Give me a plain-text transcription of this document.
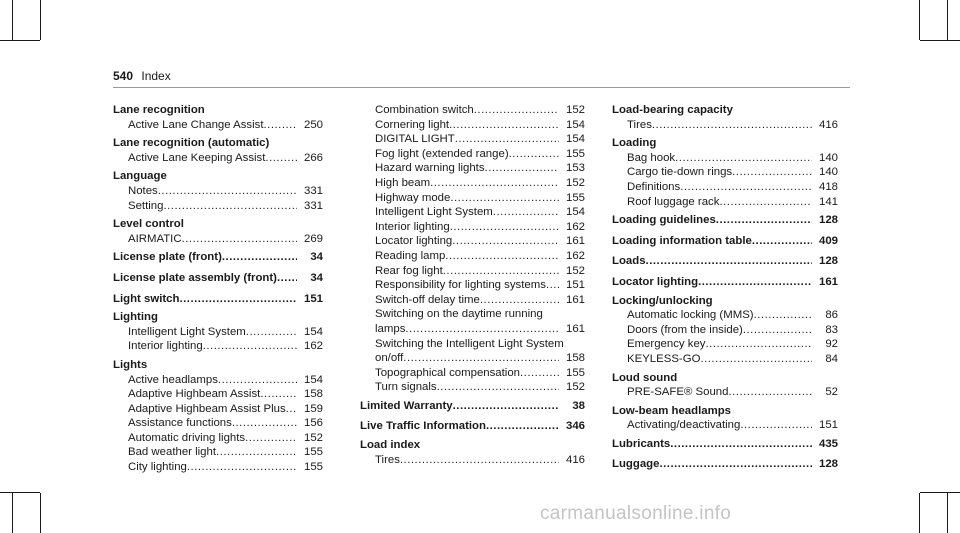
540 Index
Lane recognition
Active Lane Change Assist .....	250
Lane recognition (automatic)
Active Lane Keeping Assist .....	266
Language
Notes .....	331
Setting .....	331
Level control
AIRMATIC .....	269
License plate (front) .....	34
License plate assembly (front) .....	34
Light switch .....	151
Lighting
Intelligent Light System .....	154
Interior lighting .....	162
Lights
Active headlamps .....	154
Adaptive Highbeam Assist .....	158
Adaptive Highbeam Assist Plus .....	159
Assistance functions .....	156
Automatic driving lights .....	152
Bad weather light .....	155
City lighting .....	155
Combination switch .....	152
Cornering light .....	154
DIGITAL LIGHT .....	154
Fog light (extended range) .....	155
Hazard warning lights .....	153
High beam .....	152
Highway mode .....	155
Intelligent Light System .....	154
Interior lighting .....	162
Locator lighting .....	161
Reading lamp .....	162
Rear fog light .....	152
Responsibility for lighting systems .....	151
Switch-off delay time .....	161
Switching on the daytime running
lamps .....	161
Switching the Intelligent Light System
on/off .....	158
Topographical compensation .....	155
Turn signals .....	152
Limited Warranty .....	38
Live Traffic Information .....	346
Load index
Tires .....	416
Load-bearing capacity
Tires .....	416
Loading
Bag hook .....	140
Cargo tie-down rings .....	140
Definitions .....	418
Roof luggage rack .....	141
Loading guidelines .....	128
Loading information table .....	409
Loads .....	128
Locator lighting .....	161
Locking/unlocking
Automatic locking (MMS) .....	86
Doors (from the inside) .....	83
Emergency key .....	92
KEYLESS-GO .....	84
Loud sound
PRE-SAFE® Sound .....	52
Low-beam headlamps
Activating/deactivating .....	151
Lubricants .....	435
Luggage .....	128
carmanualsonline.info
